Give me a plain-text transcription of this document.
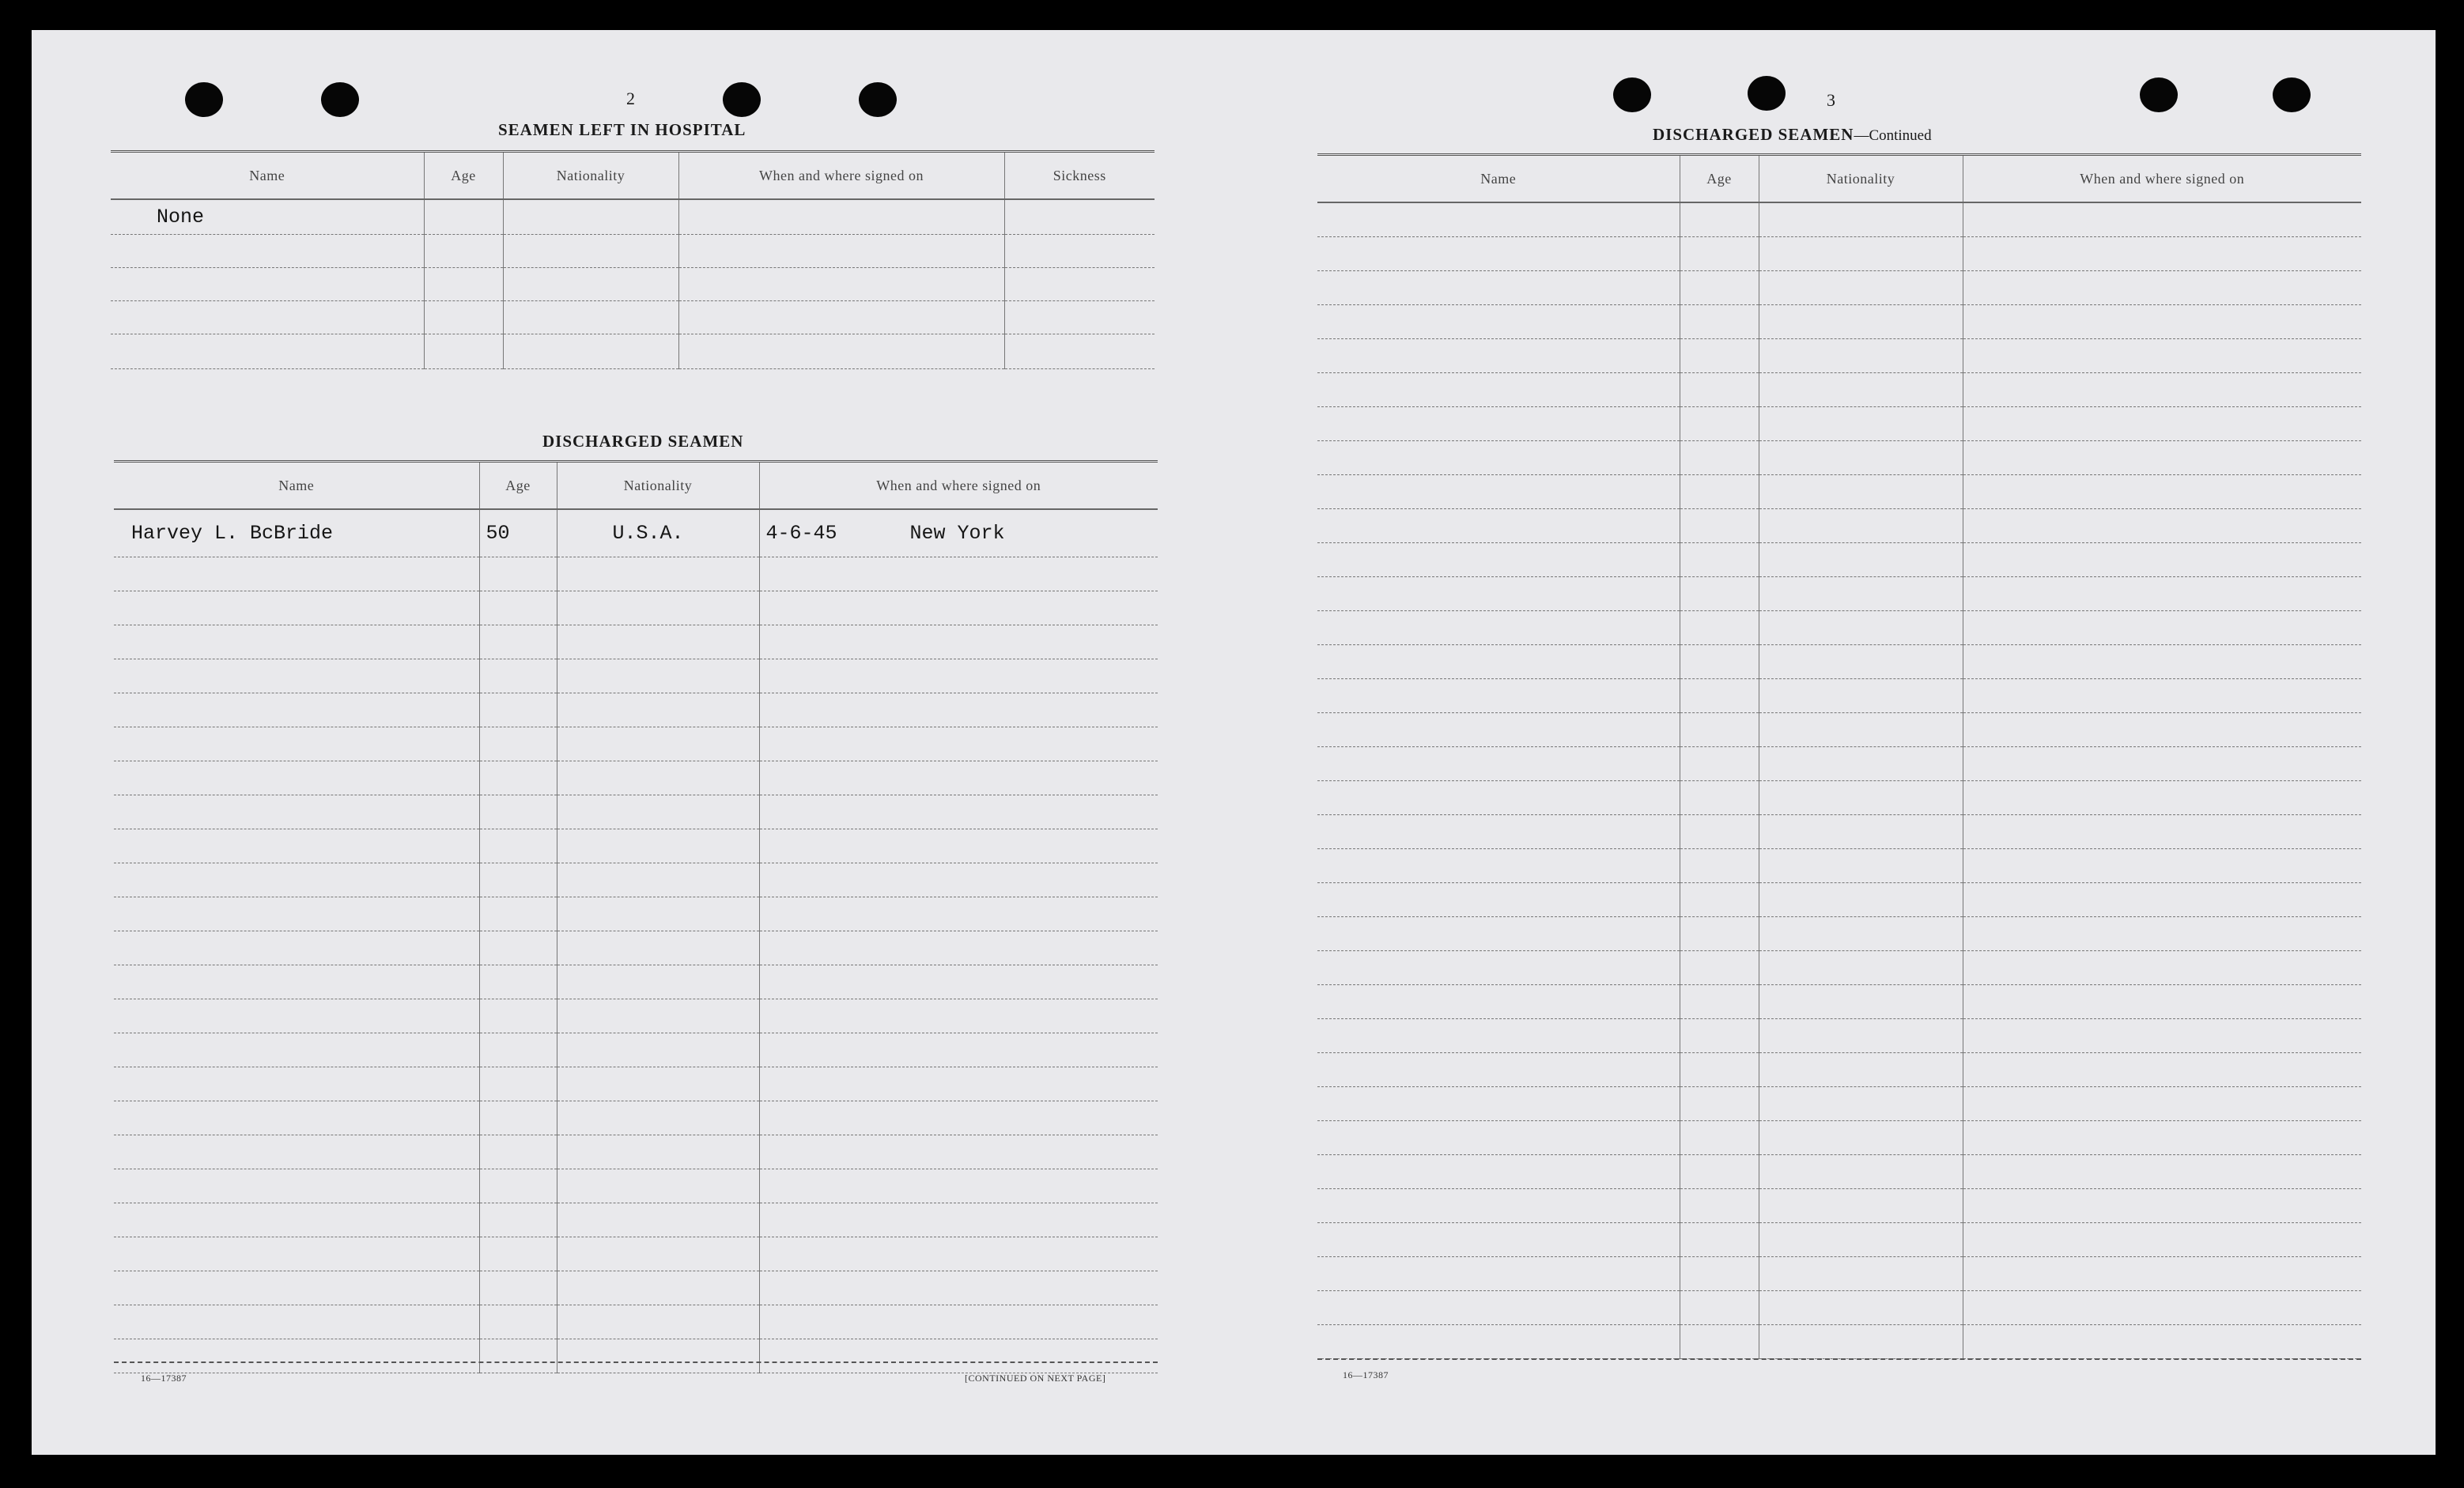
2
SEAMEN LEFT IN HOSPITAL
Name	Age	Nationality	When and where signed on	Sickness
None				

DISCHARGED SEAMEN
Name	Age	Nationality	When and where signed on
Harvey L. BcBride	50	U.S.A.	4-6-45 New York

16—17387	[CONTINUED ON NEXT PAGE]
3
DISCHARGED SEAMEN—Continued
Name	Age	Nationality	When and where signed on

16—17387
